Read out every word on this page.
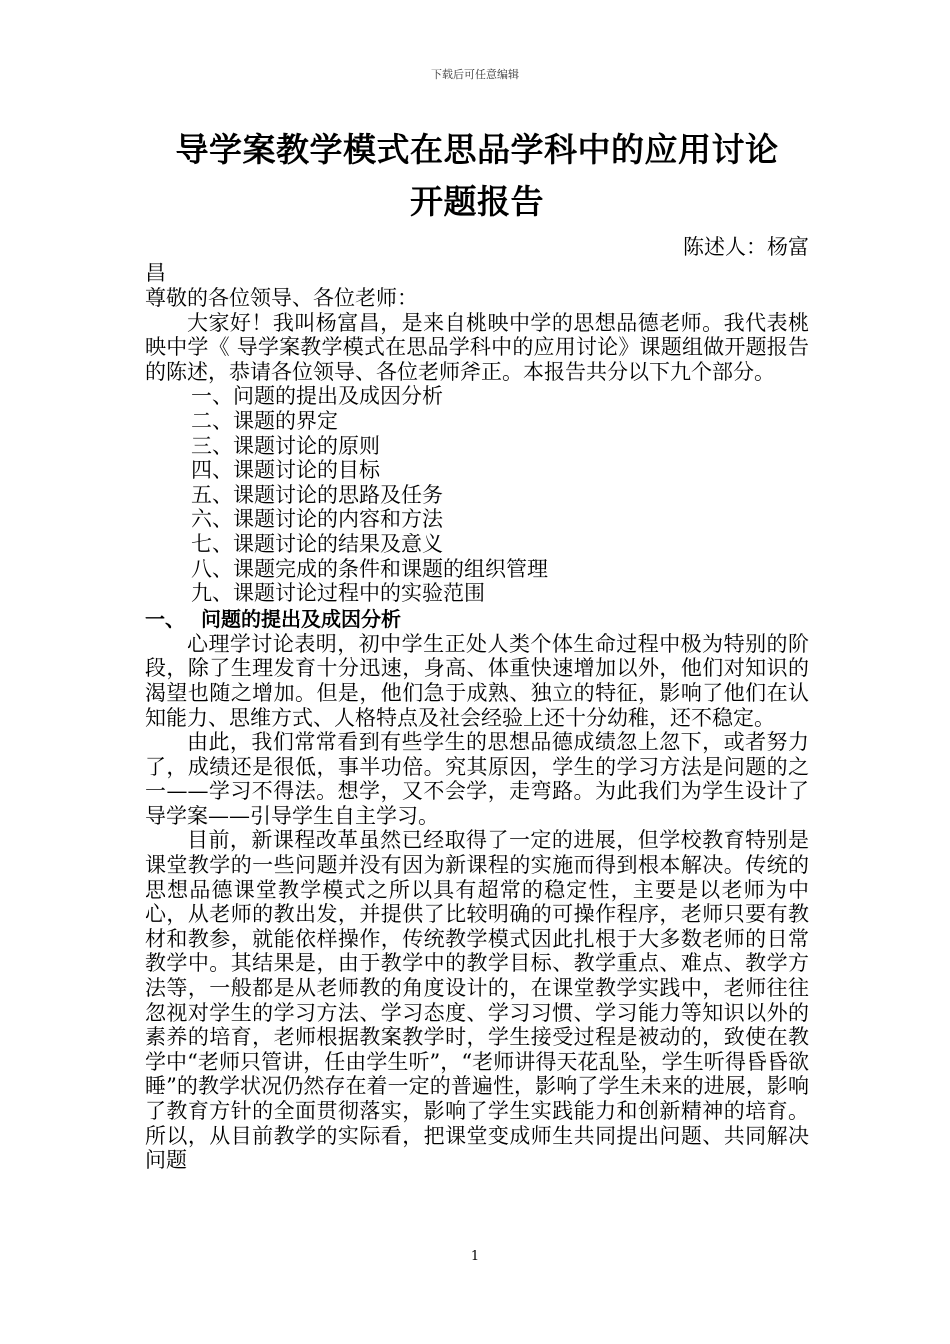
下载后可任意编辑
导学案教学模式在思品学科中的应用讨论
开题报告
陈述人：杨富
昌

尊敬的各位领导、各位老师：

大家好！我叫杨富昌，是来自桃映中学的思想品德老师。我代表桃映中学《 导学案教学模式在思品学科中的应用讨论》课题组做开题报告的陈述，恭请各位领导、各位老师斧正。本报告共分以下九个部分。

一、问题的提出及成因分析
二、课题的界定
三、课题讨论的原则
四、课题讨论的目标
五、课题讨论的思路及任务
六、课题讨论的内容和方法
七、课题讨论的结果及意义
八、课题完成的条件和课题的组织管理
九、课题讨论过程中的实验范围
一、 问题的提出及成因分析

心理学讨论表明，初中学生正处人类个体生命过程中极为特别的阶段，除了生理发育十分迅速，身高、体重快速增加以外，他们对知识的渴望也随之增加。但是，他们急于成熟、独立的特征，影响了他们在认知能力、思维方式、人格特点及社会经验上还十分幼稚，还不稳定。

由此，我们常常看到有些学生的思想品德成绩忽上忽下，或者努力了，成绩还是很低，事半功倍。究其原因，学生的学习方法是问题的之一——学习不得法。想学，又不会学，走弯路。为此我们为学生设计了导学案——引导学生自主学习。

目前，新课程改革虽然已经取得了一定的进展，但学校教育特别是课堂教学的一些问题并没有因为新课程的实施而得到根本解决。传统的思想品德课堂教学模式之所以具有超常的稳定性，主要是以老师为中心，从老师的教出发，并提供了比较明确的可操作程序，老师只要有教材和教参，就能依样操作，传统教学模式因此扎根于大多数老师的日常教学中。其结果是，由于教学中的教学目标、教学重点、难点、教学方法等，一般都是从老师教的角度设计的，在课堂教学实践中，老师往往忽视对学生的学习方法、学习态度、学习习惯、学习能力等知识以外的素养的培育，老师根据教案教学时，学生接受过程是被动的，致使在教学中“老师只管讲，任由学生听”，“老师讲得天花乱坠，学生听得昏昏欲睡”的教学状况仍然存在着一定的普遍性，影响了学生未来的进展，影响了教育方针的全面贯彻落实，影响了学生实践能力和创新精神的培育。所以，从目前教学的实际看，把课堂变成师生共同提出问题、共同解决问题

1
